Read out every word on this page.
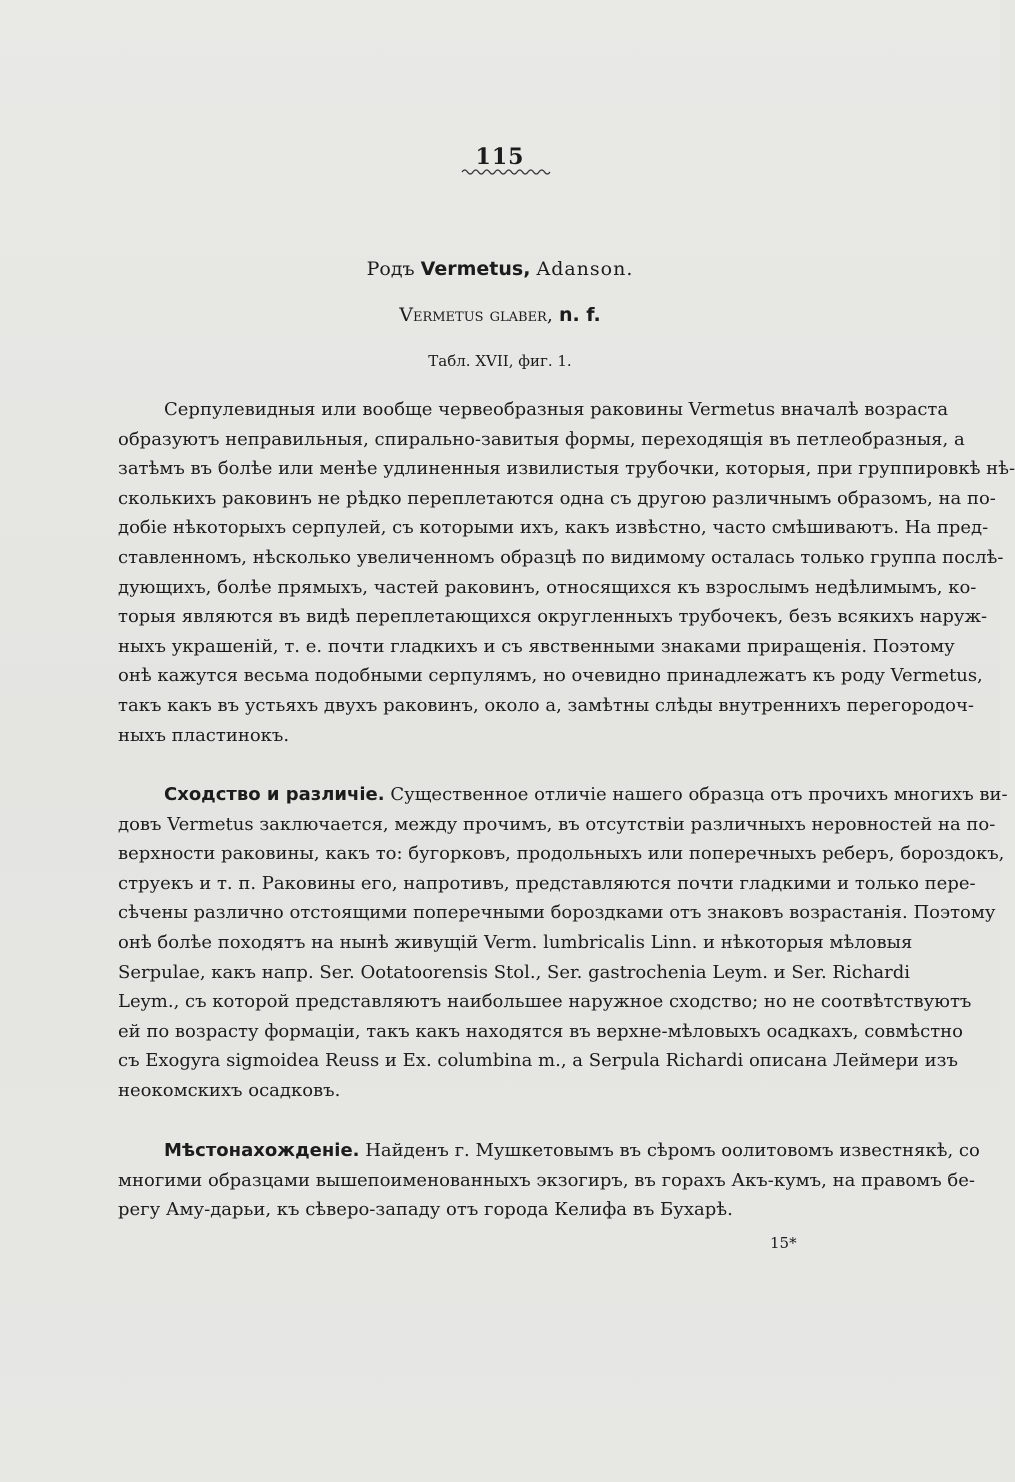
115
Родъ Vermetus, Adanson.
Vermetus glaber, n. f.
Табл. XVII, фиг. 1.
Серпулевидныя или вообще червеобразныя раковины Vermetus вначалѣ возраста
образуютъ неправильныя, спирально-завитыя формы, переходящія въ петлеобразныя, а
затѣмъ въ болѣе или менѣе удлиненныя извилистыя трубочки, которыя, при группировкѣ нѣ-
сколькихъ раковинъ не рѣдко переплетаются одна съ другою различнымъ образомъ, на по-
добіе нѣкоторыхъ серпулей, съ которыми ихъ, какъ извѣстно, часто смѣшиваютъ. На пред-
ставленномъ, нѣсколько увеличенномъ образцѣ по видимому осталась только группа послѣ-
дующихъ, болѣе прямыхъ, частей раковинъ, относящихся къ взрослымъ недѣлимымъ, ко-
торыя являются въ видѣ переплетающихся округленныхъ трубочекъ, безъ всякихъ наруж-
ныхъ украшеній, т. е. почти гладкихъ и съ явственными знаками приращенія. Поэтому
онѣ кажутся весьма подобными серпулямъ, но очевидно принадлежатъ къ роду Vermetus,
такъ какъ въ устьяхъ двухъ раковинъ, около а, замѣтны слѣды внутреннихъ перегородоч-
ныхъ пластинокъ.
Сходство и различіе. Существенное отличіе нашего образца отъ прочихъ многихъ ви-
довъ Vermetus заключается, между прочимъ, въ отсутствіи различныхъ неровностей на по-
верхности раковины, какъ то: бугорковъ, продольныхъ или поперечныхъ реберъ, бороздокъ,
струекъ и т. п. Раковины его, напротивъ, представляются почти гладкими и только пере-
сѣчены различно отстоящими поперечными бороздками отъ знаковъ возрастанія. Поэтому
онѣ болѣе походятъ на нынѣ живущій Verm. lumbricalis Linn. и нѣкоторыя мѣловыя
Serpulae, какъ напр. Ser. Ootatoorensis Stol., Ser. gastrochenia Leym. и Ser. Richardi
Leym., съ которой представляютъ наибольшее наружное сходство; но не соотвѣтствуютъ
ей по возрасту формаціи, такъ какъ находятся въ верхне-мѣловыхъ осадкахъ, совмѣстно
съ Exogyra sigmoidea Reuss и Ex. columbina m., а Serpula Richardi описана Леймери изъ
неокомскихъ осадковъ.
Мѣстонахожденіе. Найденъ г. Мушкетовымъ въ сѣромъ оолитовомъ известнякѣ, со
многими образцами вышепоименованныхъ экзогиръ, въ горахъ Акъ-кумъ, на правомъ бе-
регу Аму-дарьи, къ сѣверо-западу отъ города Келифа въ Бухарѣ.
15*
